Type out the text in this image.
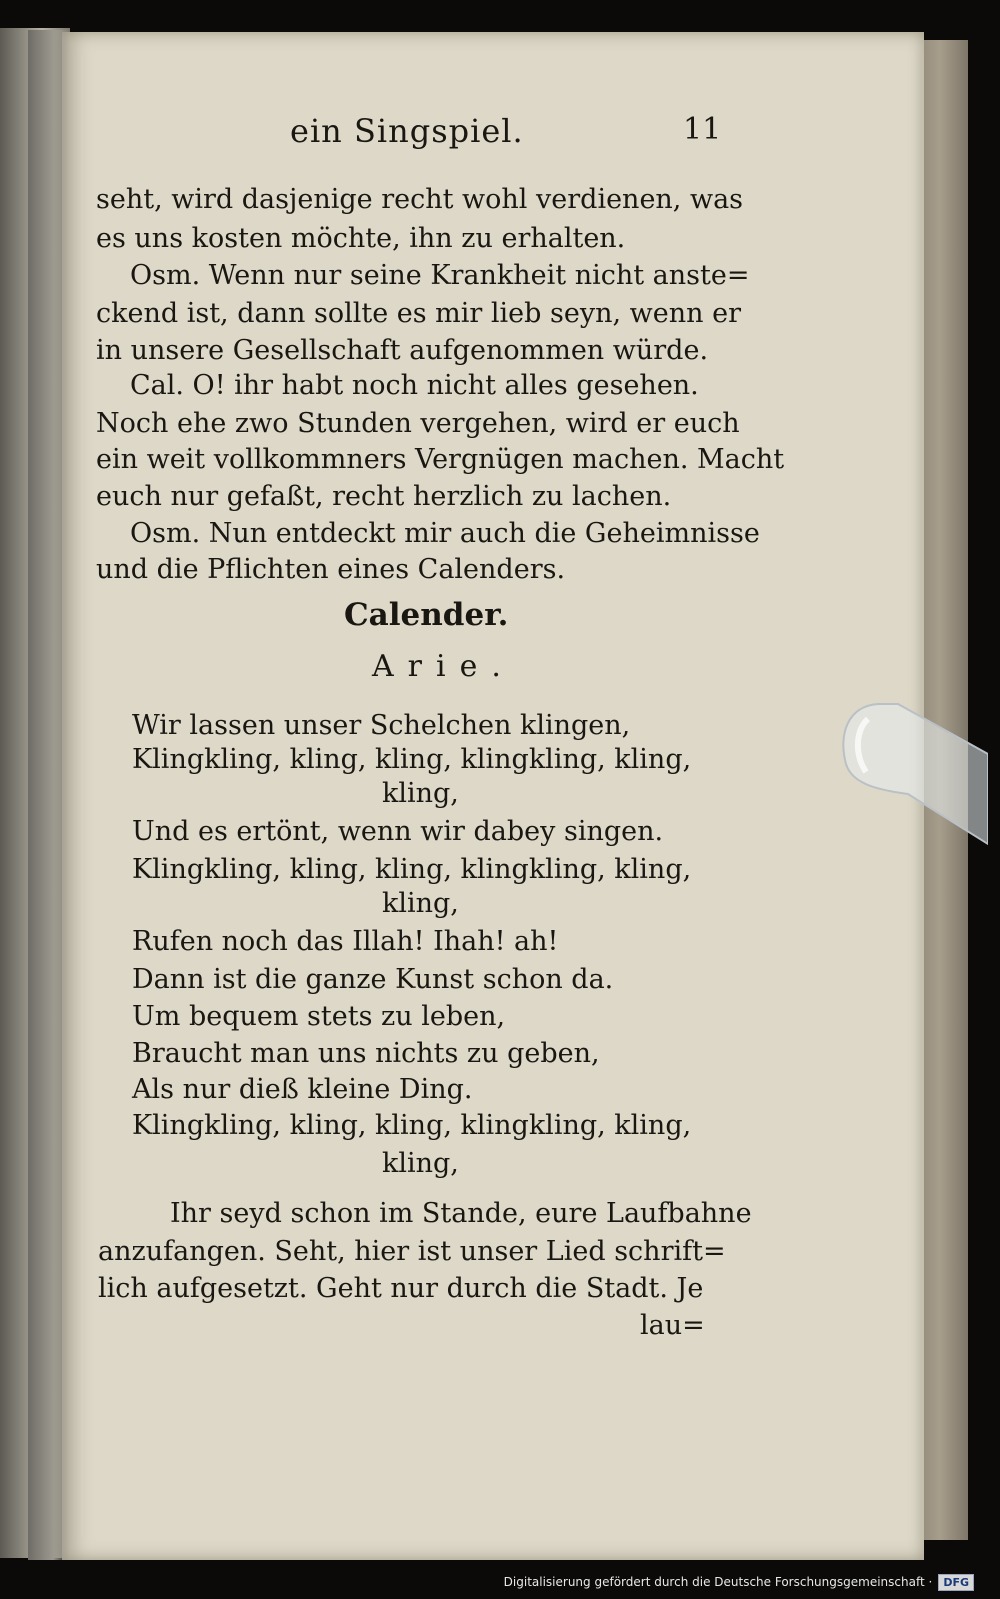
ein Singspiel.	11
seht, wird dasjenige recht wohl verdienen, was
es uns kosten möchte, ihn zu erhalten.
Osm. Wenn nur seine Krankheit nicht anste=
ckend ist, dann sollte es mir lieb seyn, wenn er
in unsere Gesellschaft aufgenommen würde.
Cal. O! ihr habt noch nicht alles gesehen.
Noch ehe zwo Stunden vergehen, wird er euch
ein weit vollkommners Vergnügen machen. Macht
euch nur gefaßt, recht herzlich zu lachen.
Osm. Nun entdeckt mir auch die Geheimnisse
und die Pflichten eines Calenders.
Calender.
Arie.
Wir lassen unser Schelchen klingen,
Klingkling, kling, kling, klingkling, kling,
kling,
Und es ertönt, wenn wir dabey singen.
Klingkling, kling, kling, klingkling, kling,
kling,
Rufen noch das Illah! Ihah! ah!
Dann ist die ganze Kunst schon da.
Um bequem stets zu leben,
Braucht man uns nichts zu geben,
Als nur dieß kleine Ding.
Klingkling, kling, kling, klingkling, kling,
kling,
Ihr seyd schon im Stande, eure Laufbahne
anzufangen. Seht, hier ist unser Lied schrift=
lich aufgesetzt. Geht nur durch die Stadt. Je
lau=
Digitalisierung gefördert durch die Deutsche Forschungsgemeinschaft ·	DFG
